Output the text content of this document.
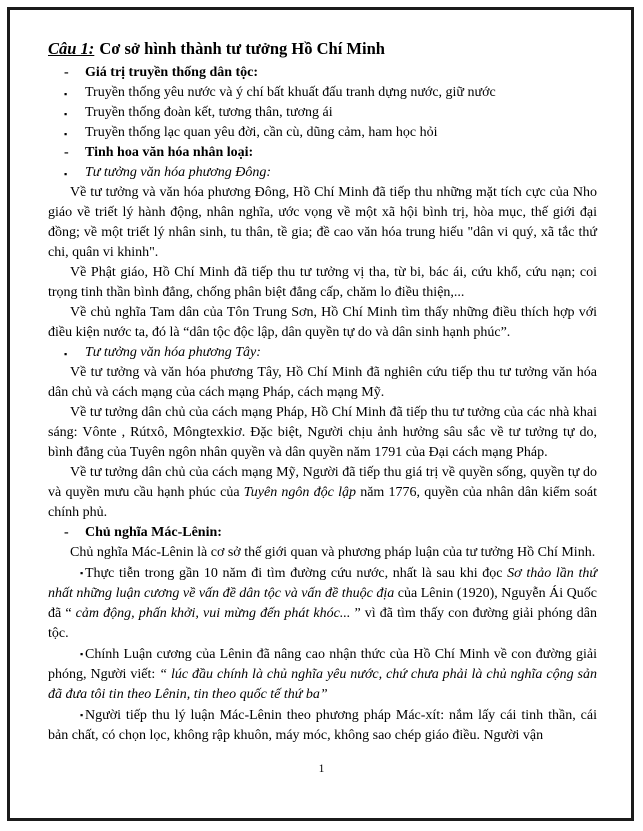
Câu 1: Cơ sở hình thành tư tưởng Hồ Chí Minh
- Giá trị truyền thống dân tộc:
▪ Truyền thống yêu nước và ý chí bất khuất đấu tranh dựng nước, giữ nước
▪ Truyền thống đoàn kết, tương thân, tương ái
▪ Truyền thống lạc quan yêu đời, cần cù, dũng cảm, ham học hỏi
- Tinh hoa văn hóa nhân loại:
▪ Tư tưởng văn hóa phương Đông:

Về tư tưởng và văn hóa phương Đông, Hồ Chí Minh đã tiếp thu những mặt tích cực của Nho giáo về triết lý hành động, nhân nghĩa, ước vọng về một xã hội bình trị, hòa mục, thế giới đại đồng; về một triết lý nhân sinh, tu thân, tề gia; đề cao văn hóa trung hiếu "dân vi quý, xã tắc thứ chi, quân vi khinh".

Về Phật giáo, Hồ Chí Minh đã tiếp thu tư tưởng vị tha, từ bi, bác ái, cứu khổ, cứu nạn; coi trọng tinh thần bình đẳng, chống phân biệt đẳng cấp, chăm lo điều thiện,...

Về chủ nghĩa Tam dân của Tôn Trung Sơn, Hồ Chí Minh tìm thấy những điều thích hợp với điều kiện nước ta, đó là “dân tộc độc lập, dân quyền tự do và dân sinh hạnh phúc”.

▪ Tư tưởng văn hóa phương Tây:

Về tư tưởng và văn hóa phương Tây, Hồ Chí Minh đã nghiên cứu tiếp thu tư tưởng văn hóa dân chủ và cách mạng của cách mạng Pháp, cách mạng Mỹ.

Về tư tưởng dân chủ của cách mạng Pháp, Hồ Chí Minh đã tiếp thu tư tưởng của các nhà khai sáng: Vônte , Rútxô, Môngtexkiơ. Đặc biệt, Người chịu ảnh hưởng sâu sắc về tư tưởng tự do, bình đẳng của Tuyên ngôn nhân quyền và dân quyền năm 1791 của Đại cách mạng Pháp.

Về tư tưởng dân chủ của cách mạng Mỹ, Người đã tiếp thu giá trị về quyền sống, quyền tự do và quyền mưu cầu hạnh phúc của Tuyên ngôn độc lập năm 1776, quyền của nhân dân kiểm soát chính phủ.

- Chủ nghĩa Mác-Lênin:

Chủ nghĩa Mác-Lênin là cơ sở thế giới quan và phương pháp luận của tư tưởng Hồ Chí Minh.

▪ Thực tiễn trong gần 10 năm đi tìm đường cứu nước, nhất là sau khi đọc Sơ thảo lần thứ nhất những luận cương về vấn đề dân tộc và vấn đề thuộc địa của Lênin (1920), Nguyễn Ái Quốc đã “ cảm động, phấn khởi, vui mừng đến phát khóc... ” vì đã tìm thấy con đường giải phóng dân tộc.

▪ Chính Luận cương của Lênin đã nâng cao nhận thức của Hồ Chí Minh về con đường giải phóng, Người viết: “ lúc đầu chính là chủ nghĩa yêu nước, chứ chưa phải là chủ nghĩa cộng sản đã đưa tôi tin theo Lênin, tin theo quốc tế thứ ba”

▪ Người tiếp thu lý luận Mác-Lênin theo phương pháp Mác-xít: nắm lấy cái tinh thần, cái bản chất, có chọn lọc, không rập khuôn, máy móc, không sao chép giáo điều. Người vận

1
